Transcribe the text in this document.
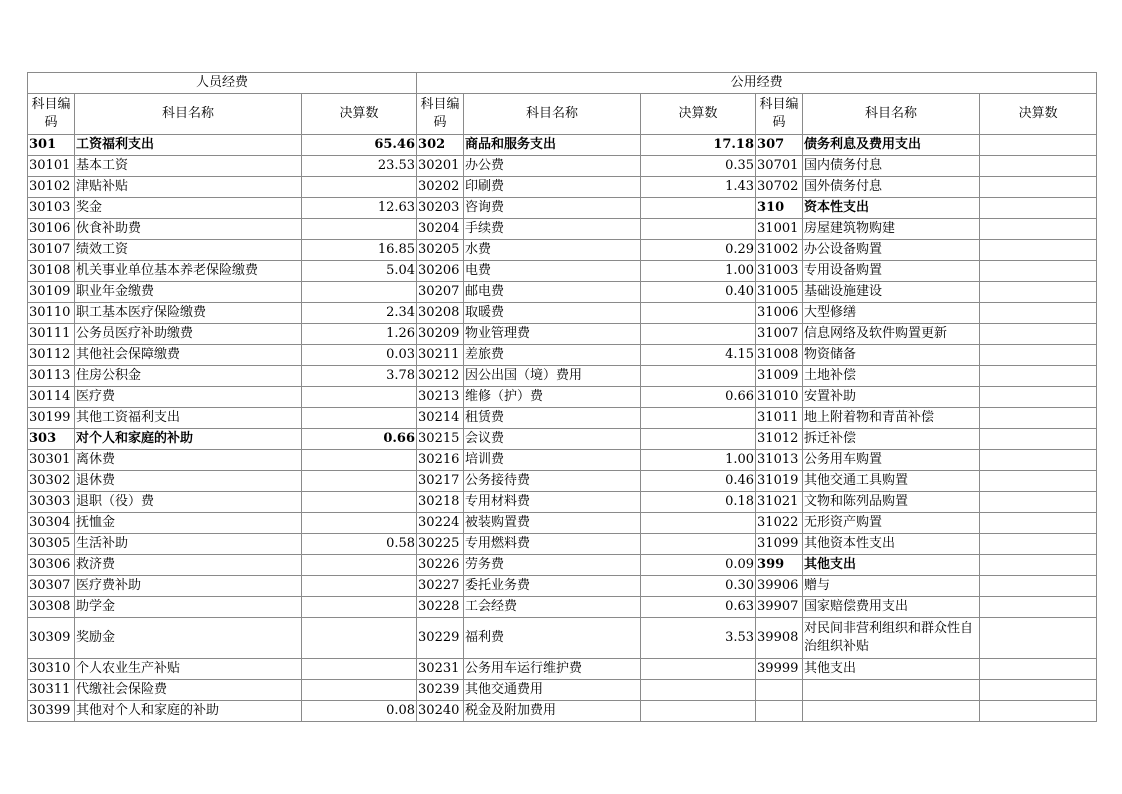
人员经费			公用经费					
科目编码	科目名称	决算数	科目编码	科目名称	决算数	科目编码	科目名称	决算数
301	工资福利支出	65.46	302	商品和服务支出	17.18	307	债务利息及费用支出	
30101	基本工资	23.53	30201	办公费	0.35	30701	国内债务付息	
30102	津贴补贴		30202	印刷费	1.43	30702	国外债务付息	
30103	奖金	12.63	30203	咨询费		310	资本性支出	
30106	伙食补助费		30204	手续费		31001	房屋建筑物购建	
30107	绩效工资	16.85	30205	水费	0.29	31002	办公设备购置	
30108	机关事业单位基本养老保险缴费	5.04	30206	电费	1.00	31003	专用设备购置	
30109	职业年金缴费		30207	邮电费	0.40	31005	基础设施建设	
30110	职工基本医疗保险缴费	2.34	30208	取暖费		31006	大型修缮	
30111	公务员医疗补助缴费	1.26	30209	物业管理费		31007	信息网络及软件购置更新	
30112	其他社会保障缴费	0.03	30211	差旅费	4.15	31008	物资储备	
30113	住房公积金	3.78	30212	因公出国（境）费用		31009	土地补偿	
30114	医疗费		30213	维修（护）费	0.66	31010	安置补助	
30199	其他工资福利支出		30214	租赁费		31011	地上附着物和青苗补偿	
303	对个人和家庭的补助	0.66	30215	会议费		31012	拆迁补偿	
30301	离休费		30216	培训费	1.00	31013	公务用车购置	
30302	退休费		30217	公务接待费	0.46	31019	其他交通工具购置	
30303	退职（役）费		30218	专用材料费	0.18	31021	文物和陈列品购置	
30304	抚恤金		30224	被装购置费		31022	无形资产购置	
30305	生活补助	0.58	30225	专用燃料费		31099	其他资本性支出	
30306	救济费		30226	劳务费	0.09	399	其他支出	
30307	医疗费补助		30227	委托业务费	0.30	39906	赠与	
30308	助学金		30228	工会经费	0.63	39907	国家赔偿费用支出	
30309	奖励金		30229	福利费	3.53	39908	对民间非营利组织和群众性自治组织补贴	
30310	个人农业生产补贴		30231	公务用车运行维护费		39999	其他支出	
30311	代缴社会保险费		30239	其他交通费用				
30399	其他对个人和家庭的补助	0.08	30240	税金及附加费用				
